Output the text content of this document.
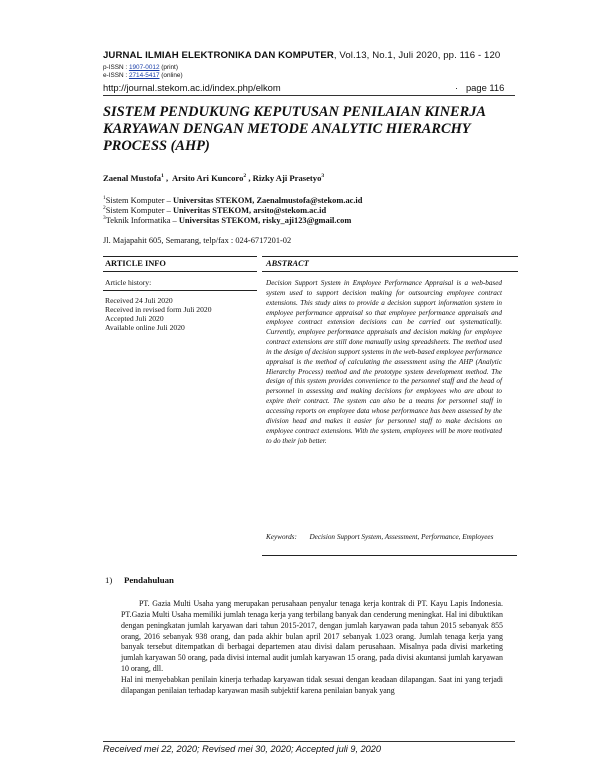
JURNAL ILMIAH ELEKTRONIKA DAN KOMPUTER, Vol.13, No.1, Juli 2020, pp. 116 - 120
p-ISSN : 1907-0012 (print)
e-ISSN : 2714-5417 (online)
http://journal.stekom.ac.id/index.php/elkom	· page 116
SISTEM PENDUKUNG KEPUTUSAN PENILAIAN KINERJA KARYAWAN DENGAN METODE ANALYTIC HIERARCHY PROCESS (AHP)
Zaenal Mustofa$^1$ ,  Arsito Ari Kuncoro$^2$ , Rizky Aji Prasetyo$^3$
$^1$Sistem Komputer – Universitas STEKOM, Zaenalmustofa@stekom.ac.id
$^2$Sistem Komputer – Univeritas STEKOM, arsito@stekom.ac.id
$^3$Teknik Informatika – Universitas STEKOM, risky_aji123@gmail.com
Jl. Majapahit 605, Semarang, telp/fax : 024-6717201-02
ARTICLE INFO
Article history:
Received 24 Juli 2020
Received in revised form Juli 2020
Accepted Juli 2020
Available online Juli 2020
ABSTRACT

Decision Support System in Employee Performance Appraisal is a web-based system used to support decision making for outsourcing employee contract extensions. This study aims to provide a decision support information system in employee performance appraisal so that employee performance appraisals and employee contract extension decisions can be carried out systematically. Currently, employee performance appraisals and decision making for employee contract extensions are still done manually using spreadsheets. The method used in the design of decision support systems in the web-based employee performance appraisal is the method of calculating the assessment using the AHP (Analytic Hierarchy Process) method and the prototype system development method. The design of this system provides convenience to the personnel staff and the head of personnel in assessing and making decisions for employees who are about to expire their contract. The system can also be a means for personnel staff in accessing reports on employee data whose performance has been assessed by the division head and makes it easier for personnel staff to make decisions on employee contract extensions. With the system, employees will be more motivated to do their job better.

Keywords: Decision Support System, Assessment, Performance, Employees

1) Pendahuluan

PT. Gazia Multi Usaha yang merupakan perusahaan penyalur tenaga kerja kontrak di PT. Kayu Lapis Indonesia. PT.Gazia Multi Usaha memiliki jumlah tenaga kerja yang terbilang banyak dan cenderung meningkat. Hal ini dibuktikan dengan peningkatan jumlah karyawan dari tahun 2015-2017, dengan jumlah karyawan pada tahun 2015 sebanyak 855 orang, 2016 sebanyak 938 orang, dan pada akhir bulan april 2017 sebanyak 1.023 orang. Jumlah tenaga kerja yang banyak tersebut ditempatkan di berbagai departemen atau divisi dalam perusahaan. Misalnya pada divisi marketing jumlah karyawan 50 orang, pada divisi internal audit jumlah karyawan 15 orang, pada divisi akuntansi jumlah karyawan 10 orang, dll.

Hal ini menyebabkan penilain kinerja terhadap karyawan tidak sesuai dengan keadaan dilapangan. Saat ini yang terjadi dilapangan penilaian terhadap karyawan masih subjektif karena penilaian banyak yang

Received mei 22, 2020; Revised mei 30, 2020; Accepted juli 9, 2020
